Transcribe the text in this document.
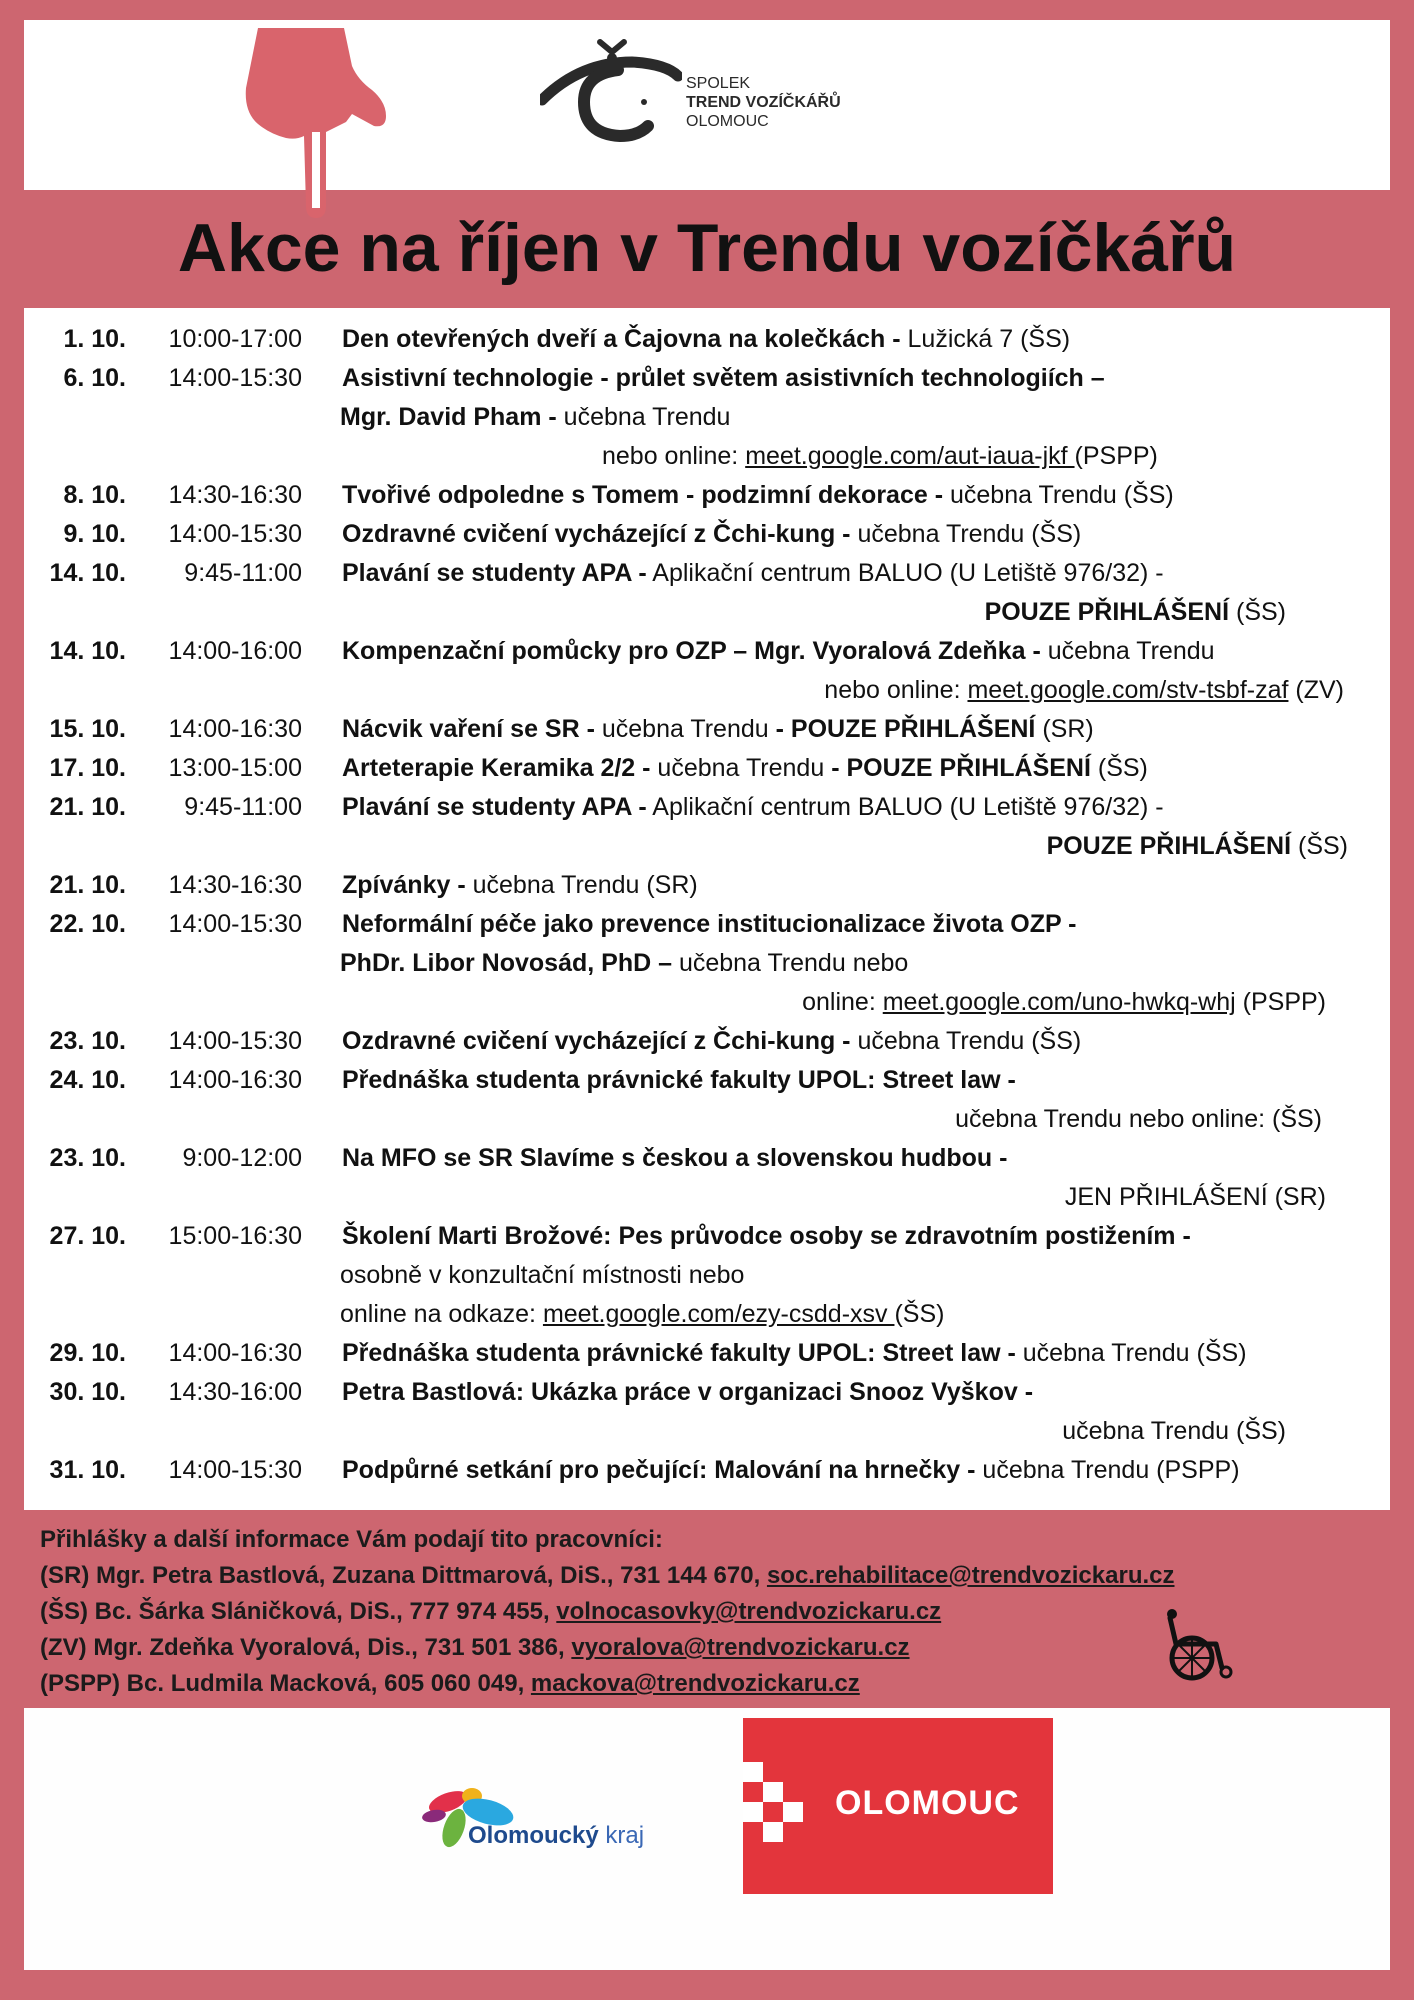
SPOLEK
TREND VOZÍČKÁŘŮ
OLOMOUC
Akce na říjen v Trendu vozíčkářů
1. 10. 10:00-17:00 Den otevřených dveří a Čajovna na kolečkách - Lužická 7 (ŠS)
6. 10. 14:00-15:30 Asistivní technologie - průlet světem asistivních technologiích –
Mgr. David Pham - učebna Trendu
nebo online: meet.google.com/aut-iaua-jkf (PSPP)
8. 10. 14:30-16:30 Tvořivé odpoledne s Tomem - podzimní dekorace - učebna Trendu (ŠS)
9. 10. 14:00-15:30 Ozdravné cvičení vycházející z Čchi-kung - učebna Trendu (ŠS)
14. 10. 9:45-11:00 Plavání se studenty APA - Aplikační centrum BALUO (U Letiště 976/32) -
POUZE PŘIHLÁŠENÍ (ŠS)
14. 10. 14:00-16:00 Kompenzační pomůcky pro OZP – Mgr. Vyoralová Zdeňka - učebna Trendu
nebo online: meet.google.com/stv-tsbf-zaf (ZV)
15. 10. 14:00-16:30 Nácvik vaření se SR - učebna Trendu - POUZE PŘIHLÁŠENÍ (SR)
17. 10. 13:00-15:00 Arteterapie Keramika 2/2 - učebna Trendu - POUZE PŘIHLÁŠENÍ (ŠS)
21. 10. 9:45-11:00 Plavání se studenty APA - Aplikační centrum BALUO (U Letiště 976/32) -
POUZE PŘIHLÁŠENÍ (ŠS)
21. 10. 14:30-16:30 Zpívánky - učebna Trendu (SR)
22. 10. 14:00-15:30 Neformální péče jako prevence institucionalizace života OZP -
PhDr. Libor Novosád, PhD – učebna Trendu nebo
online: meet.google.com/uno-hwkq-whj (PSPP)
23. 10. 14:00-15:30 Ozdravné cvičení vycházející z Čchi-kung - učebna Trendu (ŠS)
24. 10. 14:00-16:30 Přednáška studenta právnické fakulty UPOL: Street law -
učebna Trendu nebo online: (ŠS)
23. 10. 9:00-12:00 Na MFO se SR Slavíme s českou a slovenskou hudbou -
JEN PŘIHLÁŠENÍ (SR)
27. 10. 15:00-16:30 Školení Marti Brožové: Pes průvodce osoby se zdravotním postižením -
osobně v konzultační místnosti nebo
online na odkaze: meet.google.com/ezy-csdd-xsv (ŠS)
29. 10. 14:00-16:30 Přednáška studenta právnické fakulty UPOL: Street law - učebna Trendu (ŠS)
30. 10. 14:30-16:00 Petra Bastlová: Ukázka práce v organizaci Snooz Vyškov -
učebna Trendu (ŠS)
31. 10. 14:00-15:30 Podpůrné setkání pro pečující: Malování na hrnečky - učebna Trendu (PSPP)
Přihlášky a další informace Vám podají tito pracovníci:
(SR) Mgr. Petra Bastlová, Zuzana Dittmarová, DiS., 731 144 670, soc.rehabilitace@trendvozickaru.cz
(ŠS) Bc. Šárka Sláničková, DiS., 777 974 455, volnocasovky@trendvozickaru.cz
(ZV) Mgr. Zdeňka Vyoralová, Dis., 731 501 386, vyoralova@trendvozickaru.cz
(PSPP) Bc. Ludmila Macková, 605 060 049, mackova@trendvozickaru.cz
Olomoucký kraj
OLOMOUC
